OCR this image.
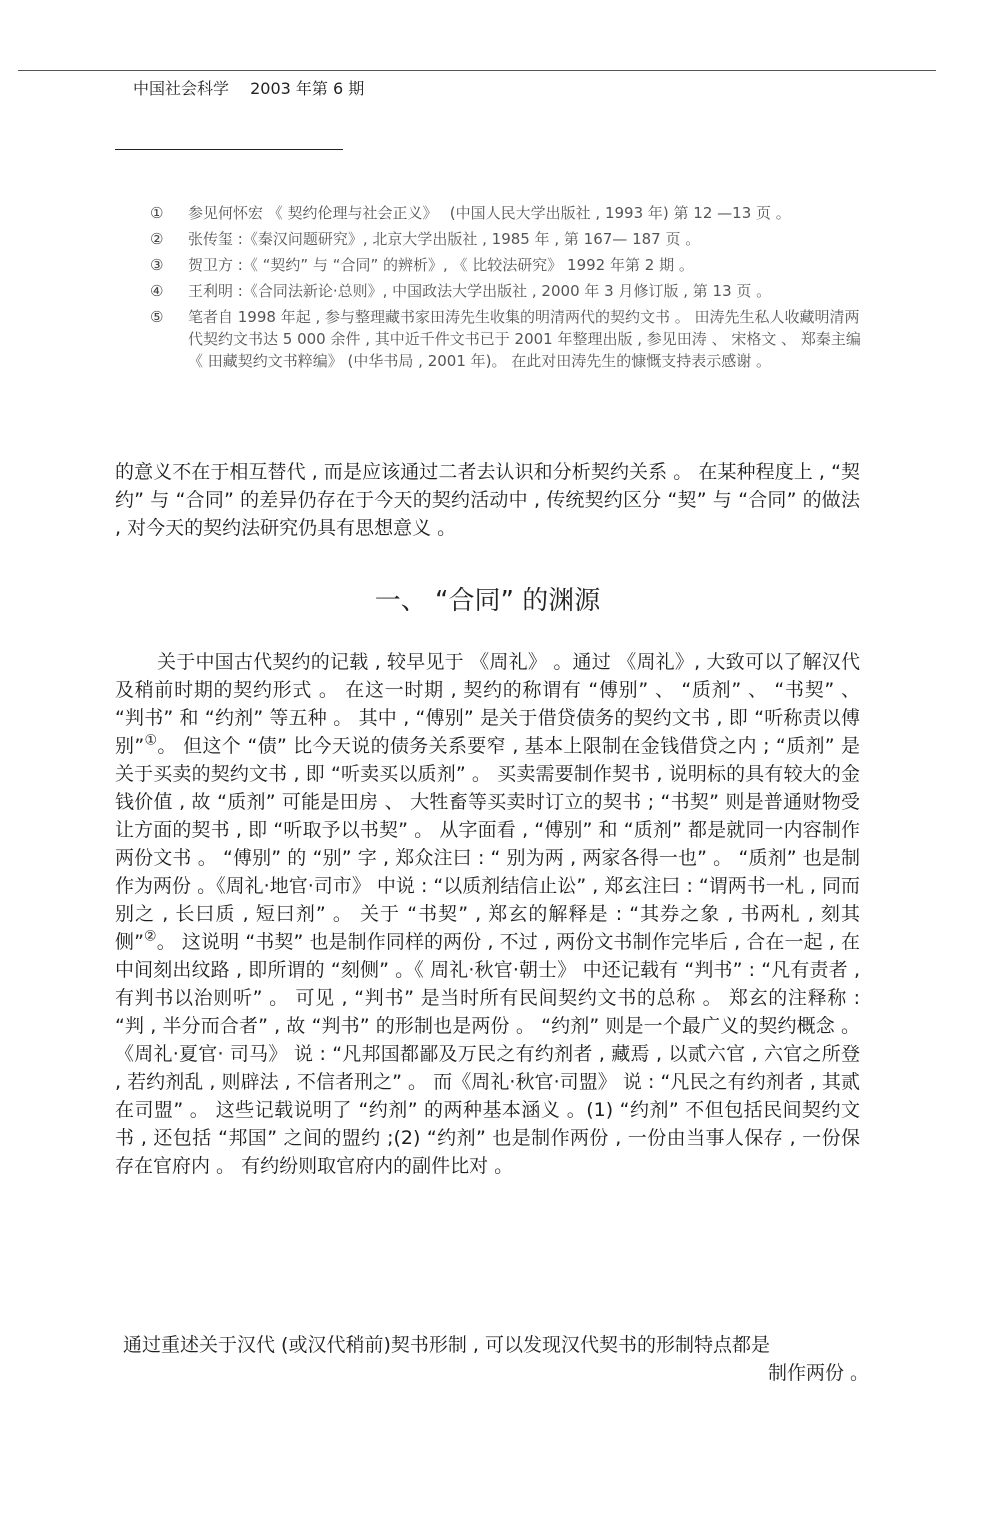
中国社会科学　 2003 年第 6 期
① 参见何怀宏 《 契约伦理与社会正义》　 (中国人民大学出版社 , 1993 年) 第 12 —13 页 。
② 张传玺 :《秦汉问题研究》, 北京大学出版社 , 1985 年 , 第 167— 187 页 。
③ 贺卫方 :《 “契约” 与 “合同” 的辨析》, 《 比较法研究》 1992 年第 2 期 。
④ 王利明 :《合同法新论·总则》, 中国政法大学出版社 , 2000 年 3 月修订版 , 第 13 页 。
⑤ 笔者自 1998 年起 , 参与整理藏书家田涛先生收集的明清两代的契约文书 。 田涛先生私人收藏明清两代契约文书达 5 000 余件 , 其中近千件文书已于 2001 年整理出版 , 参见田涛 、 宋格文 、 郑秦主编 《 田藏契约文书粹编》 (中华书局 , 2001 年)。 在此对田涛先生的慷慨支持表示感谢 。

的意义不在于相互替代 , 而是应该通过二者去认识和分析契约关系 。 在某种程度上 , “契约” 与 “合同” 的差异仍存在于今天的契约活动中 , 传统契约区分 “契” 与 “合同” 的做法 , 对今天的契约法研究仍具有思想意义 。

一、 “合同” 的渊源

关于中国古代契约的记载 , 较早见于 《周礼》 。通过 《周礼》, 大致可以了解汉代及稍前时期的契约形式 。 在这一时期 , 契约的称谓有 “傅别” 、 “质剂” 、 “书契” 、 “判书” 和 “约剂” 等五种 。 其中 , “傅别” 是关于借贷债务的契约文书 , 即 “听称责以傅别”①。 但这个 “债” 比今天说的债务关系要窄 , 基本上限制在金钱借贷之内 ; “质剂” 是关于买卖的契约文书 , 即 “听卖买以质剂” 。 买卖需要制作契书 , 说明标的具有较大的金钱价值 , 故 “质剂” 可能是田房 、 大牲畜等买卖时订立的契书 ; “书契” 则是普通财物受让方面的契书 , 即 “听取予以书契” 。 从字面看 , “傅别” 和 “质剂” 都是就同一内容制作两份文书 。 “傅别” 的 “别” 字 , 郑众注曰 : “ 别为两 , 两家各得一也” 。 “质剂” 也是制作为两份 。《周礼·地官·司市》 中说 : “以质剂结信止讼” , 郑玄注曰 : “谓两书一札 , 同而别之 , 长曰质 , 短曰剂” 。 关于 “书契” , 郑玄的解释是 : “其券之象 , 书两札 , 刻其侧”②。 这说明 “书契” 也是制作同样的两份 , 不过 , 两份文书制作完毕后 , 合在一起 , 在中间刻出纹路 , 即所谓的 “刻侧” 。《 周礼·秋官·朝士》 中还记载有 “判书” : “凡有责者 , 有判书以治则听” 。 可见 , “判书” 是当时所有民间契约文书的总称 。 郑玄的注释称 : “判 , 半分而合者” , 故 “判书” 的形制也是两份 。 “约剂” 则是一个最广义的契约概念 。《周礼·夏官· 司马》 说 : “凡邦国都鄙及万民之有约剂者 , 藏焉 , 以贰六官 , 六官之所登 , 若约剂乱 , 则辟法 , 不信者刑之” 。 而《周礼·秋官·司盟》 说 : “凡民之有约剂者 , 其贰在司盟” 。 这些记载说明了 “约剂” 的两种基本涵义 。(1) “约剂” 不但包括民间契约文书 , 还包括 “邦国” 之间的盟约 ;(2) “约剂” 也是制作两份 , 一份由当事人保存 , 一份保存在官府内 。 有约纷则取官府内的副件比对 。

通过重述关于汉代 (或汉代稍前)契书形制 , 可以发现汉代契书的形制特点都是
制作两份 。
